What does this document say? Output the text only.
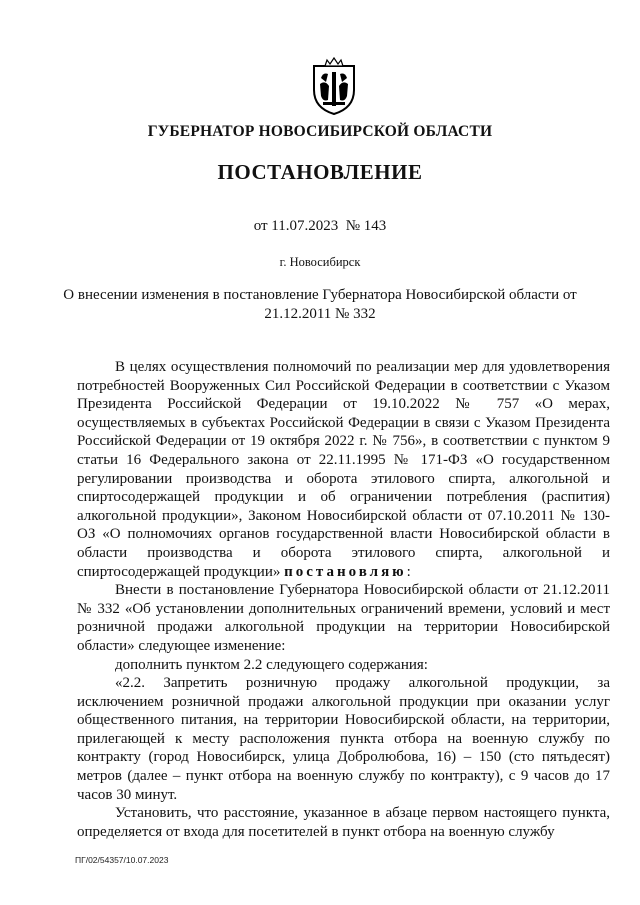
ГУБЕРНАТОР НОВОСИБИРСКОЙ ОБЛАСТИ
ПОСТАНОВЛЕНИЕ
от 11.07.2023 № 143
г. Новосибирск
О внесении изменения в постановление Губернатора Новосибирской области от 21.12.2011 № 332

В целях осуществления полномочий по реализации мер для удовлетворения потребностей Вооруженных Сил Российской Федерации в соответствии с Указом Президента Российской Федерации от 19.10.2022 № 757 «О мерах, осуществляемых в субъектах Российской Федерации в связи с Указом Президента Российской Федерации от 19 октября 2022 г. № 756», в соответствии с пунктом 9 статьи 16 Федерального закона от 22.11.1995 № 171-ФЗ «О государственном регулировании производства и оборота этилового спирта, алкогольной и спиртосодержащей продукции и об ограничении потребления (распития) алкогольной продукции», Законом Новосибирской области от 07.10.2011 № 130-ОЗ «О полномочиях органов государственной власти Новосибирской области в области производства и оборота этилового спирта, алкогольной и спиртосодержащей продукции» постановляю:

Внести в постановление Губернатора Новосибирской области от 21.12.2011 № 332 «Об установлении дополнительных ограничений времени, условий и мест розничной продажи алкогольной продукции на территории Новосибирской области» следующее изменение:

дополнить пунктом 2.2 следующего содержания:

«2.2. Запретить розничную продажу алкогольной продукции, за исключением розничной продажи алкогольной продукции при оказании услуг общественного питания, на территории Новосибирской области, на территории, прилегающей к месту расположения пункта отбора на военную службу по контракту (город Новосибирск, улица Добролюбова, 16) – 150 (сто пятьдесят) метров (далее – пункт отбора на военную службу по контракту), с 9 часов до 17 часов 30 минут.

Установить, что расстояние, указанное в абзаце первом настоящего пункта, определяется от входа для посетителей в пункт отбора на военную службу

ПГ/02/54357/10.07.2023
